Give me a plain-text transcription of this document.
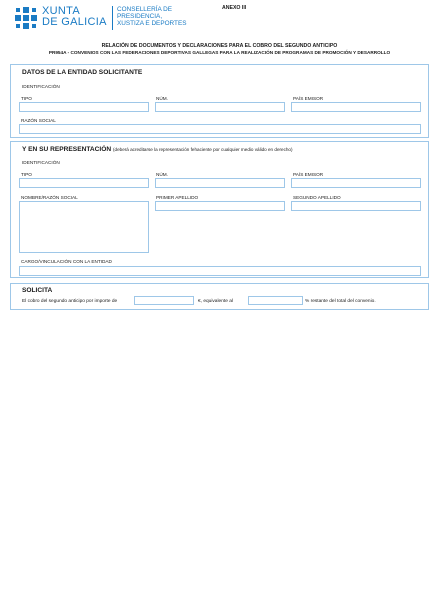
XUNTA
DE GALICIA
CONSELLERÍA DE
PRESIDENCIA,
XUSTIZA E DEPORTES
ANEXO III
RELACIÓN DE DOCUMENTOS Y DECLARACIONES PARA EL COBRO DEL SEGUNDO ANTICIPO
PR954A - CONVENIOS CON LAS FEDERACIONES DEPORTIVAS GALLEGAS PARA LA REALIZACIÓN DE PROGRAMAS DE PROMOCIÓN Y DESARROLLO
DATOS DE LA ENTIDAD SOLICITANTE
IDENTIFICACIÓN
TIPO	NÚM.	PAÍS EMISOR
RAZÓN SOCIAL
Y EN SU REPRESENTACIÓN (deberá acreditarse la representación fehaciente por cualquier medio válido en derecho)
IDENTIFICACIÓN
TIPO	NÚM.	PAÍS EMISOR
NOMBRE/RAZÓN SOCIAL	PRIMER APELLIDO	SEGUNDO APELLIDO
CARGO/VINCULACIÓN CON LA ENTIDAD
SOLICITA
El cobro del segundo anticipo por importe de	€, equivalente al	% restante del total del convenio.
